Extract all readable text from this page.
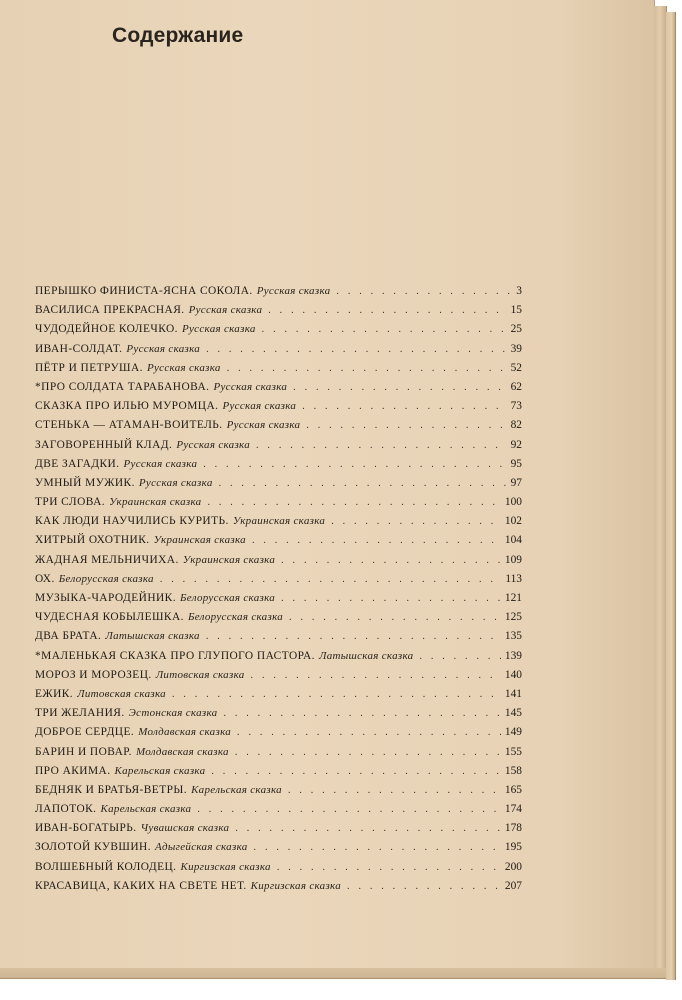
Содержание
ПЕРЫШКО ФИНИСТА-ЯСНА СОКОЛА. Русская сказка . . .	3
ВАСИЛИСА ПРЕКРАСНАЯ. Русская сказка . . .	15
ЧУДОДЕЙНОЕ КОЛЕЧКО. Русская сказка . . .	25
ИВАН-СОЛДАТ. Русская сказка . . .	39
ПЁТР И ПЕТРУША. Русская сказка . . .	52
*ПРО СОЛДАТА ТАРАБАНОВА. Русская сказка . . .	62
СКАЗКА ПРО ИЛЬЮ МУРОМЦА. Русская сказка . . .	73
СТЕНЬКА — АТАМАН-ВОИТЕЛЬ. Русская сказка . . .	82
ЗАГОВОРЕННЫЙ КЛАД. Русская сказка . . .	92
ДВЕ ЗАГАДКИ. Русская сказка . . .	95
УМНЫЙ МУЖИК. Русская сказка . . .	97
ТРИ СЛОВА. Украинская сказка . . .	100
КАК ЛЮДИ НАУЧИЛИСЬ КУРИТЬ. Украинская сказка . . .	102
ХИТРЫЙ ОХОТНИК. Украинская сказка . . .	104
ЖАДНАЯ МЕЛЬНИЧИХА. Украинская сказка . . .	109
ОХ. Белорусская сказка . . .	113
МУЗЫКА-ЧАРОДЕЙНИК. Белорусская сказка . . .	121
ЧУДЕСНАЯ КОБЫЛЕШКА. Белорусская сказка . . .	125
ДВА БРАТА. Латышская сказка . . .	135
*МАЛЕНЬКАЯ СКАЗКА ПРО ГЛУПОГО ПАСТОРА. Латышская сказка . . .	139
МОРОЗ И МОРОЗЕЦ. Литовская сказка . . .	140
ЕЖИК. Литовская сказка . . .	141
ТРИ ЖЕЛАНИЯ. Эстонская сказка . . .	145
ДОБРОЕ СЕРДЦЕ. Молдавская сказка . . .	149
БАРИН И ПОВАР. Молдавская сказка . . .	155
ПРО АКИМА. Карельская сказка . . .	158
БЕДНЯК И БРАТЬЯ-ВЕТРЫ. Карельская сказка . . .	165
ЛАПОТОК. Карельская сказка . . .	174
ИВАН-БОГАТЫРЬ. Чувашская сказка . . .	178
ЗОЛОТОЙ КУВШИН. Адыгейская сказка . . .	195
ВОЛШЕБНЫЙ КОЛОДЕЦ. Киргизская сказка . . .	200
КРАСАВИЦА, КАКИХ НА СВЕТЕ НЕТ. Киргизская сказка . . .	207
